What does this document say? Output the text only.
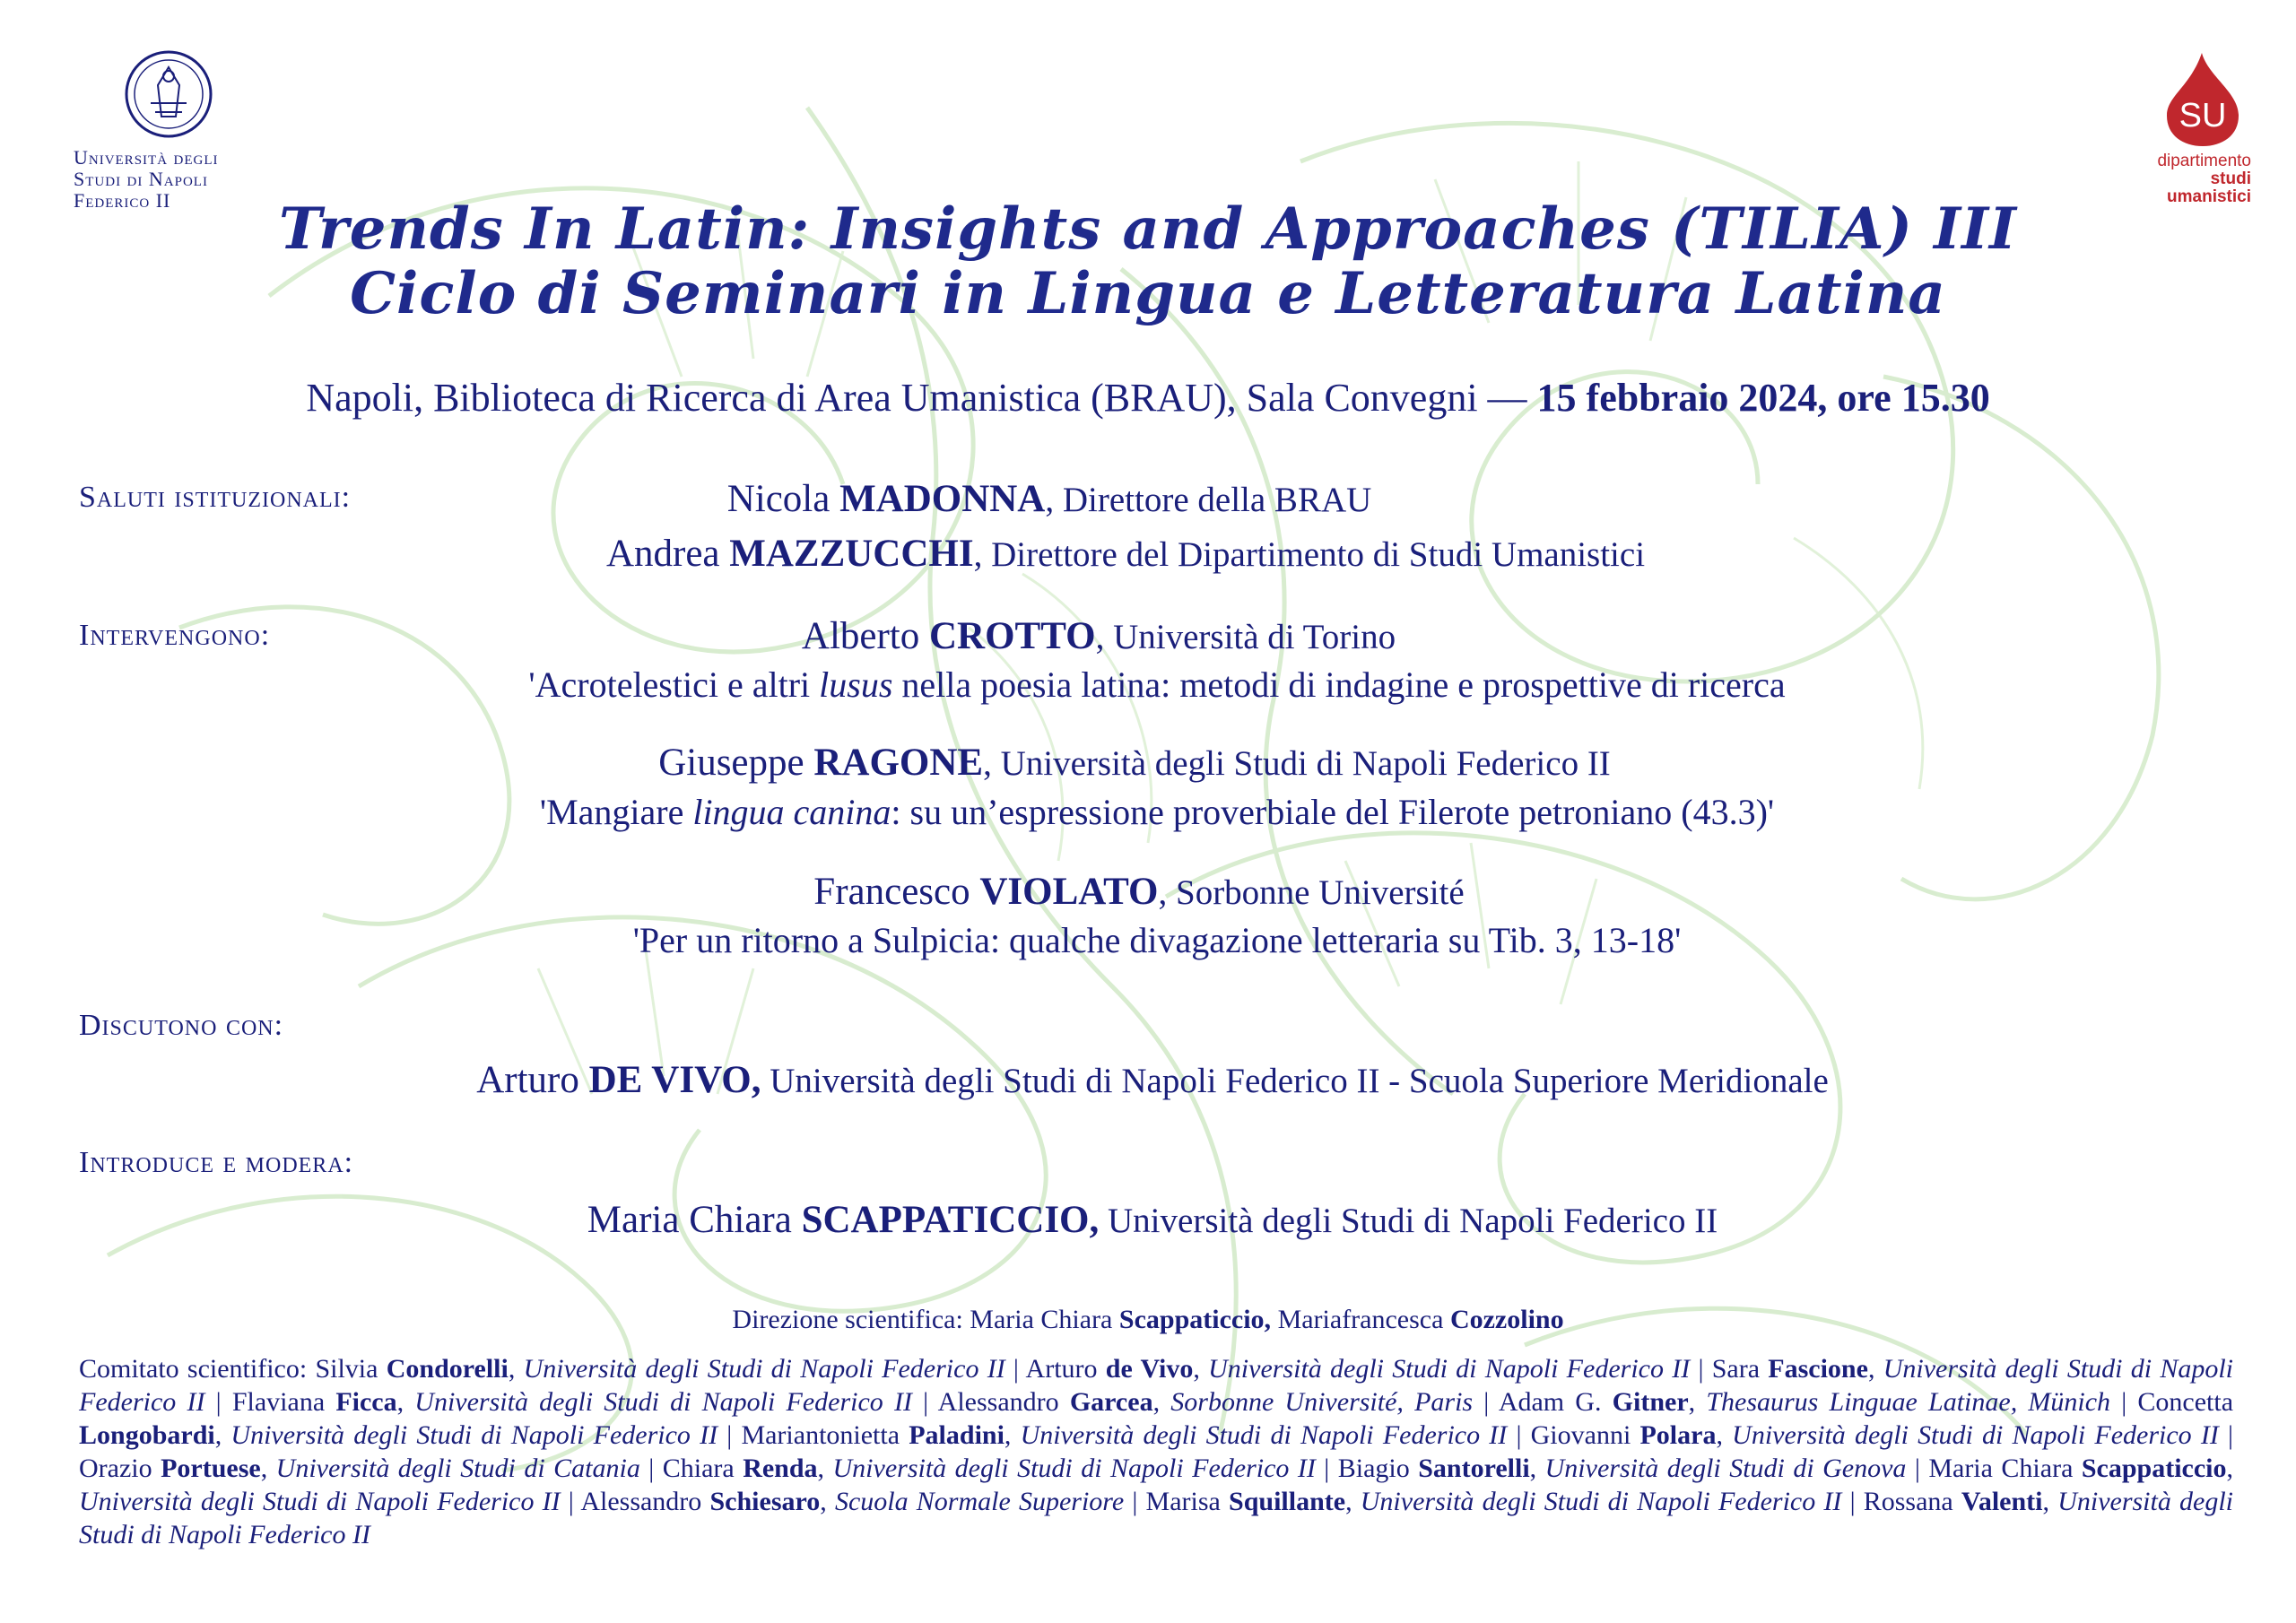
Università degli Studi di Napoli Federico II
SU
dipartimento
studi umanistici
Trends In Latin: Insights and Approaches (TILIA) III
Ciclo di Seminari in Lingua e Letteratura Latina
Napoli, Biblioteca di Ricerca di Area Umanistica (BRAU), Sala Convegni — 15 febbraio 2024, ore 15.30
Saluti istituzionali:	Nicola MADONNA, Direttore della BRAU
Andrea MAZZUCCHI, Direttore del Dipartimento di Studi Umanistici
Intervengono:	Alberto CROTTO, Università di Torino
'Acrotelestici e altri lusus nella poesia latina: metodi di indagine e prospettive di ricerca
Giuseppe RAGONE, Università degli Studi di Napoli Federico II
'Mangiare lingua canina: su un’espressione proverbiale del Filerote petroniano (43.3)'
Francesco VIOLATO, Sorbonne Université
'Per un ritorno a Sulpicia: qualche divagazione letteraria su Tib. 3, 13-18'
Discutono con:
Arturo DE VIVO, Università degli Studi di Napoli Federico II - Scuola Superiore Meridionale
Introduce e modera:
Maria Chiara SCAPPATICCIO, Università degli Studi di Napoli Federico II
Direzione scientifica: Maria Chiara Scappaticcio, Mariafrancesca Cozzolino
Comitato scientifico: Silvia Condorelli, Università degli Studi di Napoli Federico II | Arturo de Vivo, Università degli Studi di Napoli Federico II | Sara Fascione, Università degli Studi di Napoli Federico II | Flaviana Ficca, Università degli Studi di Napoli Federico II | Alessandro Garcea, Sorbonne Université, Paris | Adam G. Gitner, Thesaurus Linguae Latinae, Münich | Concetta Longobardi, Università degli Studi di Napoli Federico II | Mariantonietta Paladini, Università degli Studi di Napoli Federico II | Giovanni Polara, Università degli Studi di Napoli Federico II | Orazio Portuese, Università degli Studi di Catania | Chiara Renda, Università degli Studi di Napoli Federico II | Biagio Santorelli, Università degli Studi di Genova | Maria Chiara Scappaticcio, Università degli Studi di Napoli Federico II | Alessandro Schiesaro, Scuola Normale Superiore | Marisa Squillante, Università degli Studi di Napoli Federico II | Rossana Valenti, Università degli Studi di Napoli Federico II
